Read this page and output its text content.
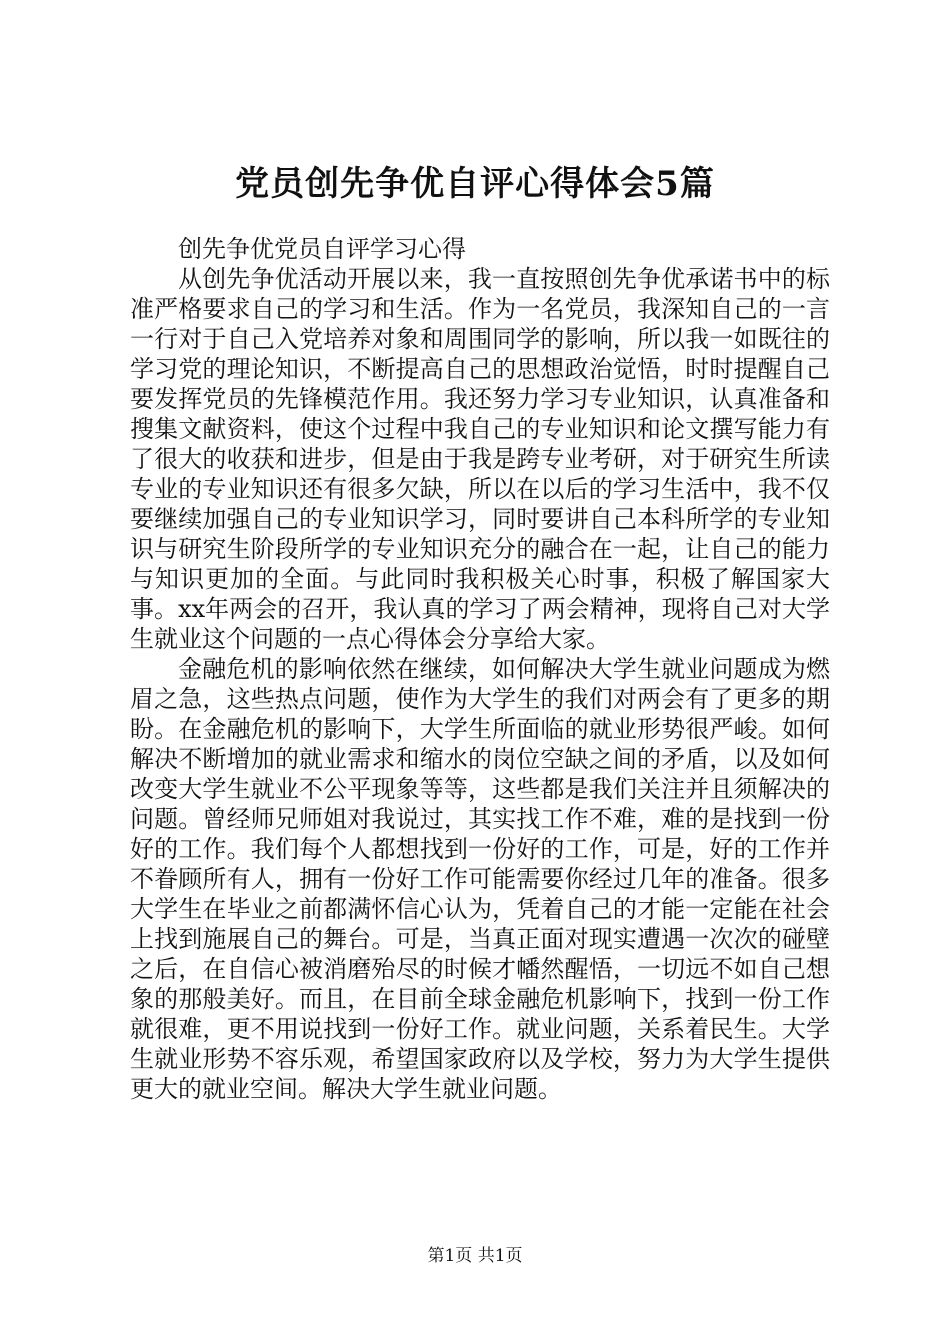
党员创先争优自评心得体会5篇

创先争优党员自评学习心得

从创先争优活动开展以来，我一直按照创先争优承诺书中的标准严格要求自己的学习和生活。作为一名党员，我深知自己的一言一行对于自己入党培养对象和周围同学的影响，所以我一如既往的学习党的理论知识，不断提高自己的思想政治觉悟，时时提醒自己要发挥党员的先锋模范作用。我还努力学习专业知识，认真准备和搜集文献资料，使这个过程中我自己的专业知识和论文撰写能力有了很大的收获和进步，但是由于我是跨专业考研，对于研究生所读专业的专业知识还有很多欠缺，所以在以后的学习生活中，我不仅要继续加强自己的专业知识学习，同时要讲自己本科所学的专业知识与研究生阶段所学的专业知识充分的融合在一起，让自己的能力与知识更加的全面。与此同时我积极关心时事，积极了解国家大事。xx年两会的召开，我认真的学习了两会精神，现将自己对大学生就业这个问题的一点心得体会分享给大家。

金融危机的影响依然在继续，如何解决大学生就业问题成为燃眉之急，这些热点问题，使作为大学生的我们对两会有了更多的期盼。在金融危机的影响下，大学生所面临的就业形势很严峻。如何解决不断增加的就业需求和缩水的岗位空缺之间的矛盾，以及如何改变大学生就业不公平现象等等，这些都是我们关注并且须解决的问题。曾经师兄师姐对我说过，其实找工作不难，难的是找到一份好的工作。我们每个人都想找到一份好的工作，可是，好的工作并不眷顾所有人，拥有一份好工作可能需要你经过几年的准备。很多大学生在毕业之前都满怀信心认为，凭着自己的才能一定能在社会上找到施展自己的舞台。可是，当真正面对现实遭遇一次次的碰壁之后，在自信心被消磨殆尽的时候才幡然醒悟，一切远不如自己想象的那般美好。而且，在目前全球金融危机影响下，找到一份工作就很难，更不用说找到一份好工作。就业问题，关系着民生。大学生就业形势不容乐观，希望国家政府以及学校，努力为大学生提供更大的就业空间。解决大学生就业问题。

第1页 共1页
